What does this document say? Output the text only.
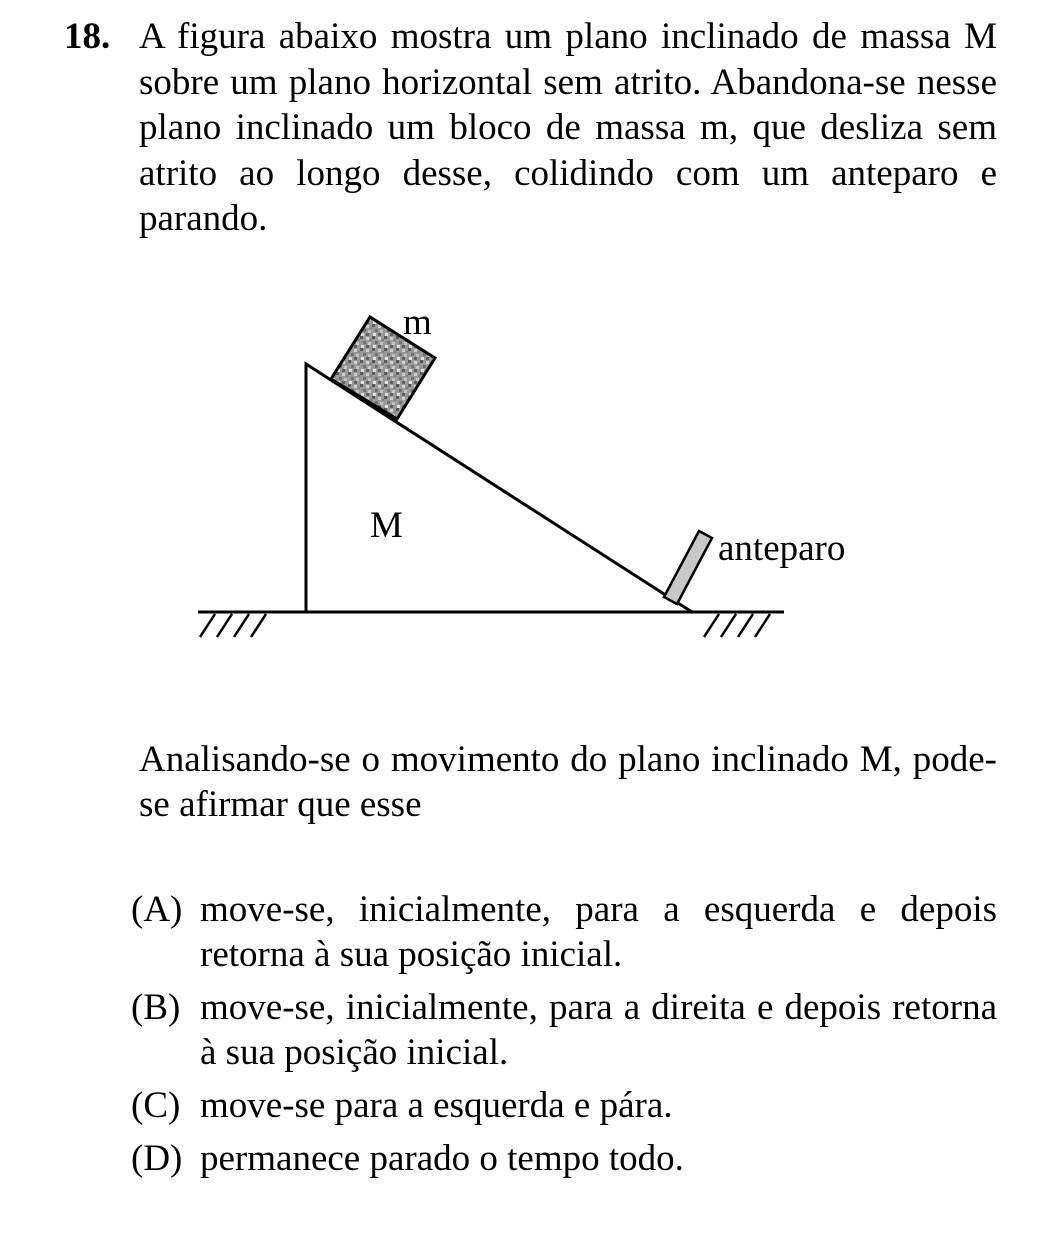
18. A figura abaixo mostra um plano inclinado de massa M sobre um plano horizontal sem atrito. Abandona-se nesse plano inclinado um bloco de massa m, que desliza sem atrito ao longo desse, colidindo com um anteparo e parando.
m
M
anteparo
Analisando-se o movimento do plano inclinado M, pode-se afirmar que esse
(A) move-se, inicialmente, para a esquerda e depois retorna à sua posição inicial.
(B) move-se, inicialmente, para a direita e depois retorna à sua posição inicial.
(C) move-se para a esquerda e pára.
(D) permanece parado o tempo todo.
